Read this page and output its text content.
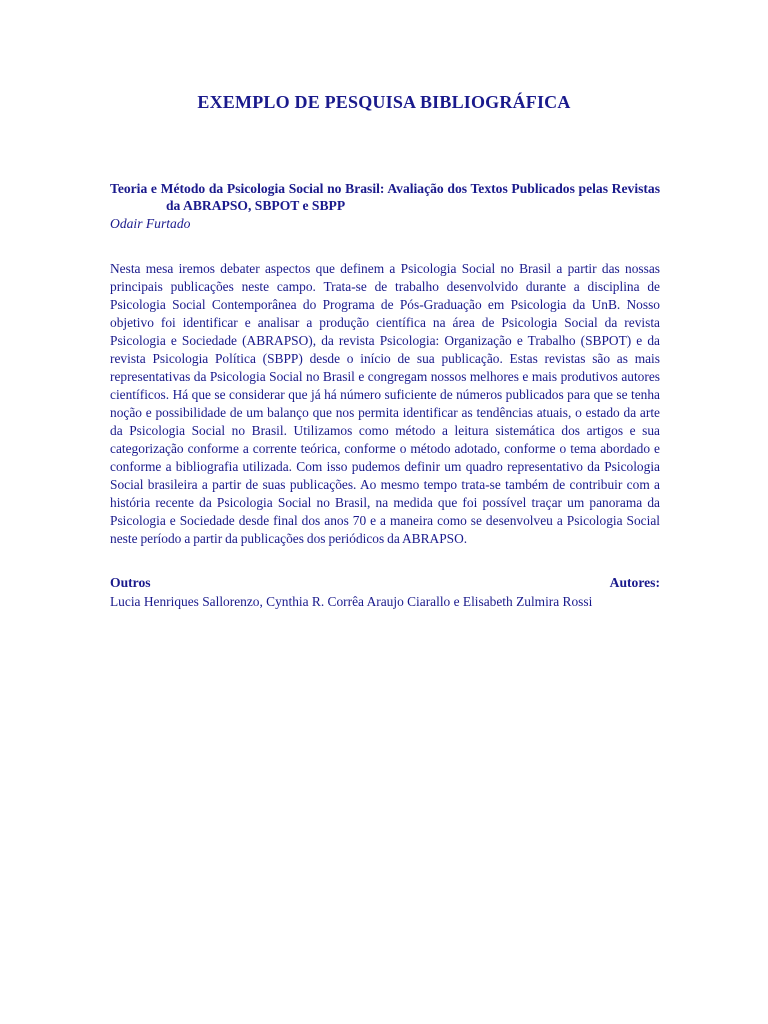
EXEMPLO DE PESQUISA BIBLIOGRÁFICA

Teoria e Método da Psicologia Social no Brasil: Avaliação dos Textos Publicados pelas Revistas da ABRAPSO, SBPOT e SBPP

Odair Furtado

Nesta mesa iremos debater aspectos que definem a Psicologia Social no Brasil a partir das nossas principais publicações neste campo. Trata-se de trabalho desenvolvido durante a disciplina de Psicologia Social Contemporânea do Programa de Pós-Graduação em Psicologia da UnB. Nosso objetivo foi identificar e analisar a produção científica na área de Psicologia Social da revista Psicologia e Sociedade (ABRAPSO), da revista Psicologia: Organização e Trabalho (SBPOT) e da revista Psicologia Política (SBPP) desde o início de sua publicação. Estas revistas são as mais representativas da Psicologia Social no Brasil e congregam nossos melhores e mais produtivos autores científicos. Há que se considerar que já há número suficiente de números publicados para que se tenha noção e possibilidade de um balanço que nos permita identificar as tendências atuais, o estado da arte da Psicologia Social no Brasil. Utilizamos como método a leitura sistemática dos artigos e sua categorização conforme a corrente teórica, conforme o método adotado, conforme o tema abordado e conforme a bibliografia utilizada. Com isso pudemos definir um quadro representativo da Psicologia Social brasileira a partir de suas publicações. Ao mesmo tempo trata-se também de contribuir com a história recente da Psicologia Social no Brasil, na medida que foi possível traçar um panorama da Psicologia e Sociedade desde final dos anos 70 e a maneira como se desenvolveu a Psicologia Social neste período a partir da publicações dos periódicos da ABRAPSO.
Outros	Autores:
Lucia Henriques Sallorenzo, Cynthia R. Corrêa Araujo Ciarallo e Elisabeth Zulmira Rossi
